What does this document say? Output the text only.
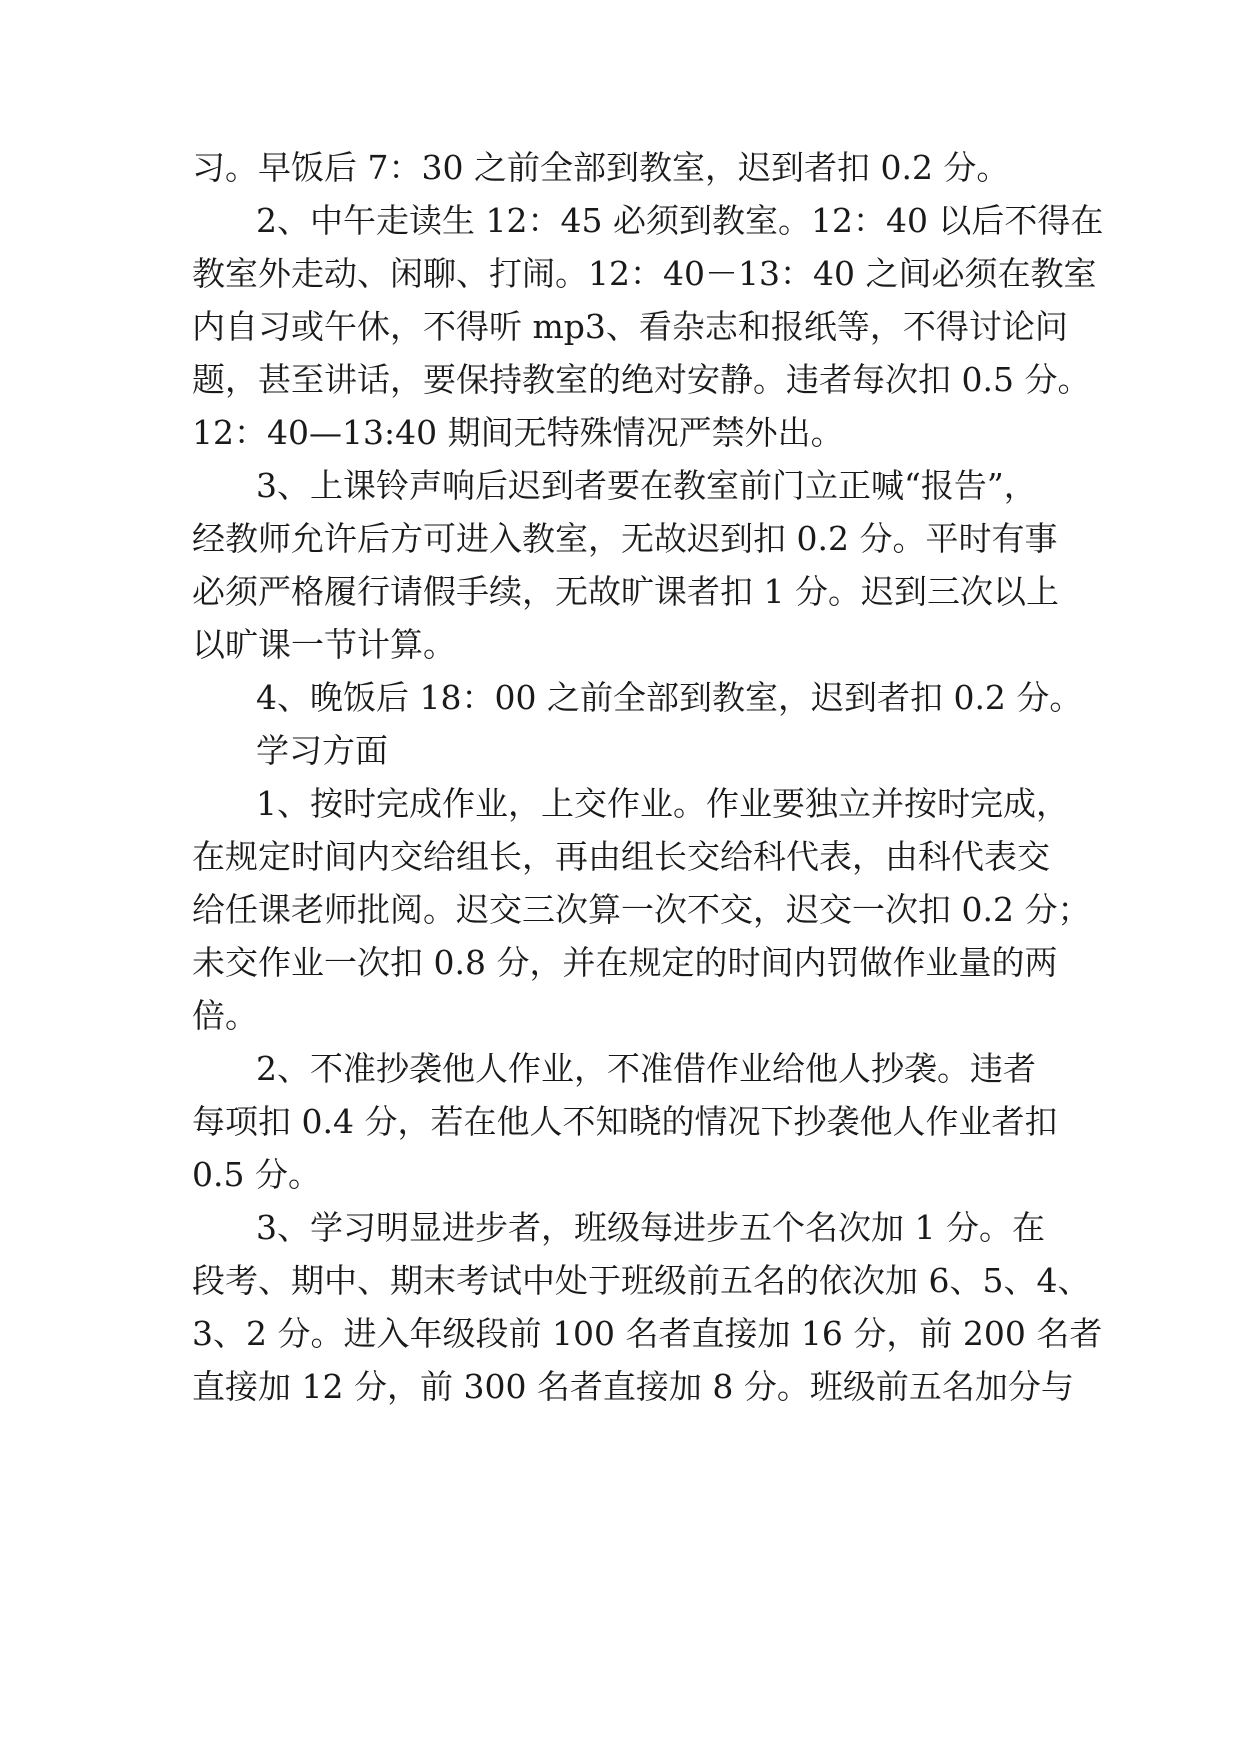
习。早饭后 7：30 之前全部到教室，迟到者扣 0.2 分。
2、中午走读生 12：45 必须到教室。12：40 以后不得在
教室外走动、闲聊、打闹。12：40－13：40 之间必须在教室
内自习或午休，不得听 mp3、看杂志和报纸等，不得讨论问
题，甚至讲话，要保持教室的绝对安静。违者每次扣 0.5 分。
12：40—13:40 期间无特殊情况严禁外出。
3、上课铃声响后迟到者要在教室前门立正喊“报告”，
经教师允许后方可进入教室，无故迟到扣 0.2 分。平时有事
必须严格履行请假手续，无故旷课者扣 1 分。迟到三次以上
以旷课一节计算。
4、晚饭后 18：00 之前全部到教室，迟到者扣 0.2 分。
学习方面
1、按时完成作业，上交作业。作业要独立并按时完成，
在规定时间内交给组长，再由组长交给科代表，由科代表交
给任课老师批阅。迟交三次算一次不交，迟交一次扣 0.2 分；
未交作业一次扣 0.8 分，并在规定的时间内罚做作业量的两
倍。
2、不准抄袭他人作业，不准借作业给他人抄袭。违者
每项扣 0.4 分，若在他人不知晓的情况下抄袭他人作业者扣
0.5 分。
3、学习明显进步者，班级每进步五个名次加 1 分。在
段考、期中、期末考试中处于班级前五名的依次加 6、5、4、
3、2 分。进入年级段前 100 名者直接加 16 分，前 200 名者
直接加 12 分，前 300 名者直接加 8 分。班级前五名加分与
